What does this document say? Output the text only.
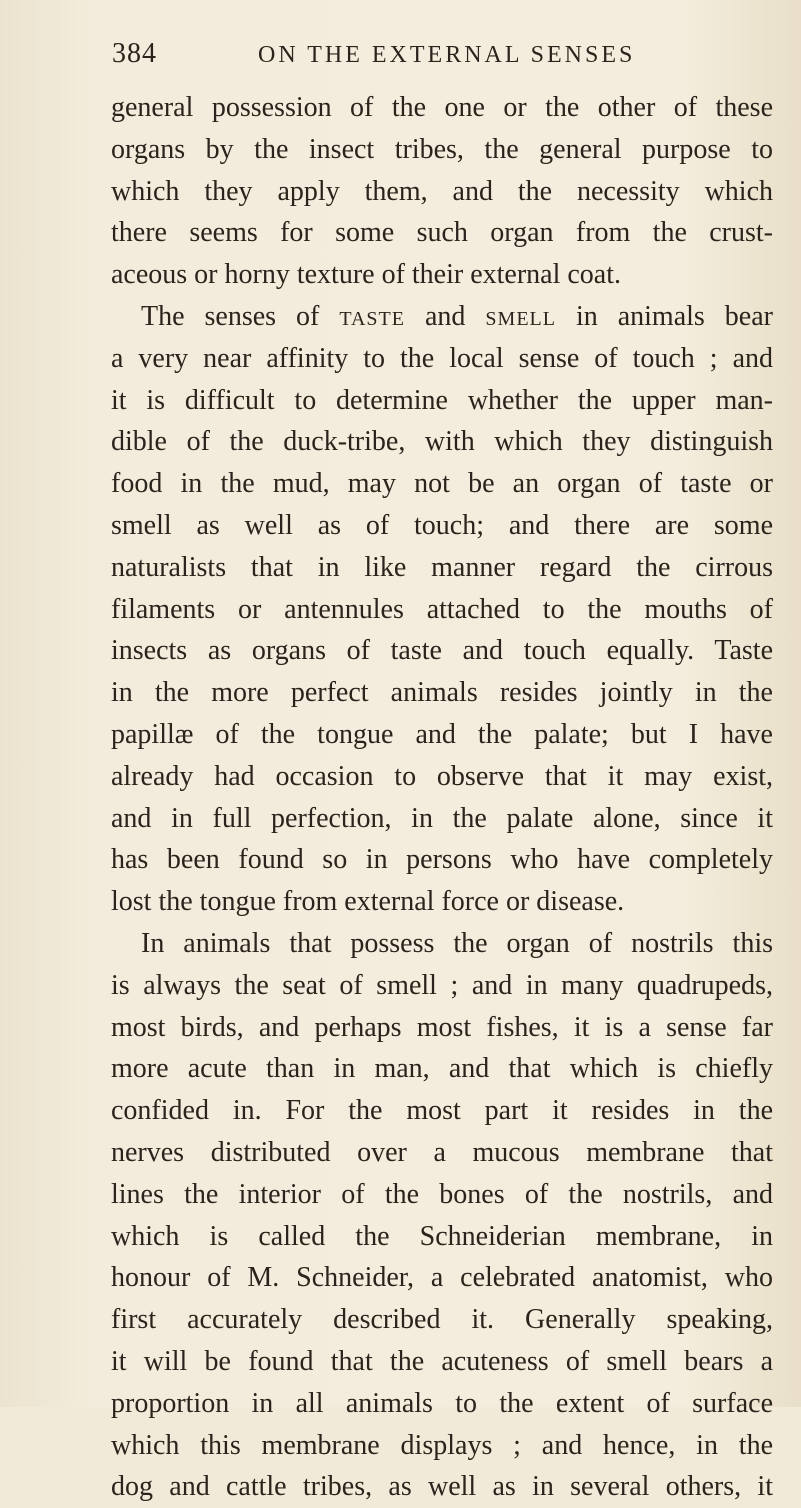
384	ON THE EXTERNAL SENSES
general possession of the one or the other of these
organs by the insect tribes, the general purpose to
which they apply them, and the necessity which
there seems for some such organ from the crust-
aceous or horny texture of their external coat.
The senses of taste and smell in animals bear
a very near affinity to the local sense of touch ; and
it is difficult to determine whether the upper man-
dible of the duck-tribe, with which they distinguish
food in the mud, may not be an organ of taste or
smell as well as of touch; and there are some
naturalists that in like manner regard the cirrous
filaments or antennules attached to the mouths of
insects as organs of taste and touch equally. Taste
in the more perfect animals resides jointly in the
papillæ of the tongue and the palate; but I have
already had occasion to observe that it may exist,
and in full perfection, in the palate alone, since it
has been found so in persons who have completely
lost the tongue from external force or disease.
In animals that possess the organ of nostrils this
is always the seat of smell ; and in many quadrupeds,
most birds, and perhaps most fishes, it is a sense far
more acute than in man, and that which is chiefly
confided in. For the most part it resides in the
nerves distributed over a mucous membrane that
lines the interior of the bones of the nostrils, and
which is called the Schneiderian membrane, in
honour of M. Schneider, a celebrated anatomist, who
first accurately described it. Generally speaking,
it will be found that the acuteness of smell bears a
proportion in all animals to the extent of surface
which this membrane displays ; and hence, in the
dog and cattle tribes, as well as in several others, it
